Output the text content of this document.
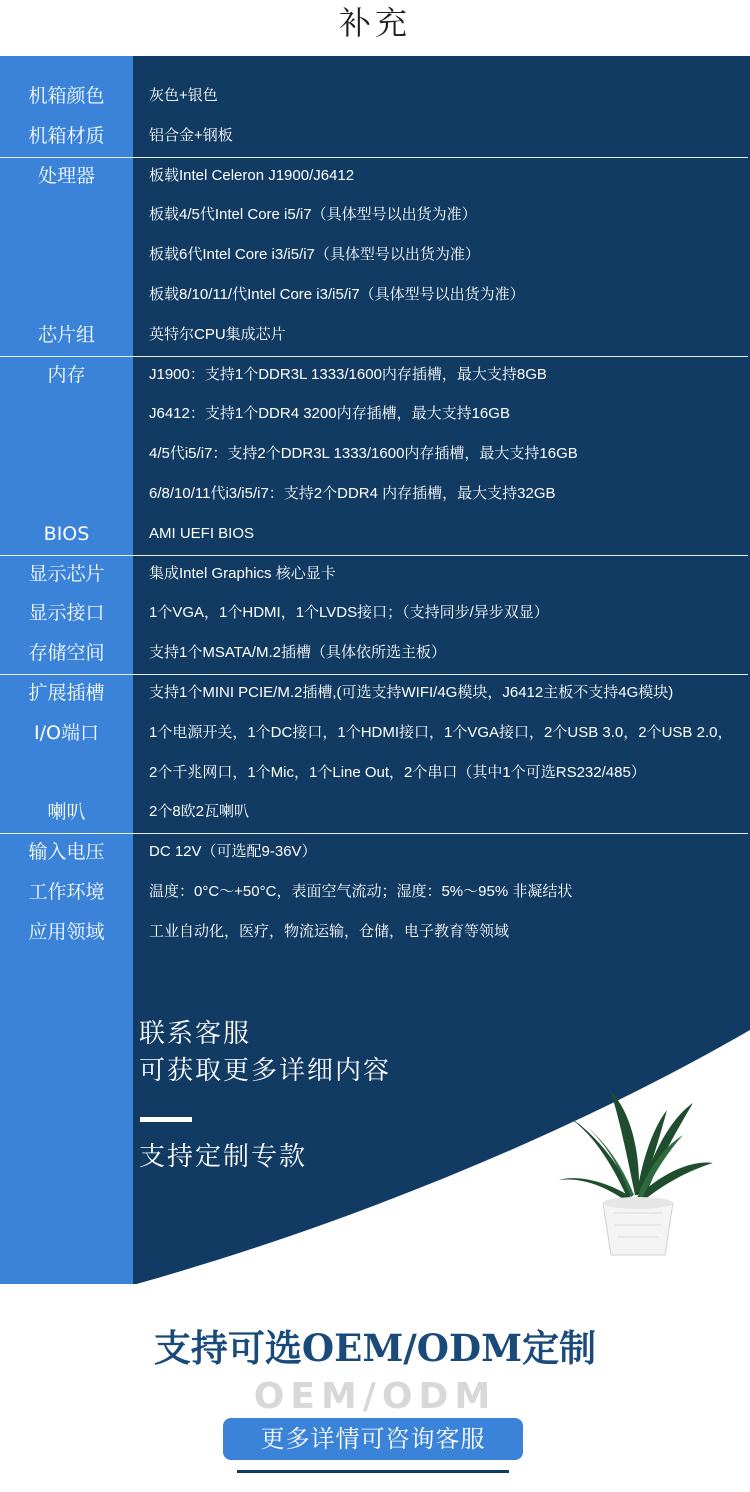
补充
机箱颜色	灰色+银色
机箱材质	铝合金+钢板
处理器	板载Intel Celeron J1900/J6412
板载4/5代Intel Core i5/i7（具体型号以出货为准）
板载6代Intel Core i3/i5/i7（具体型号以出货为准）
板载8/10/11/代Intel Core i3/i5/i7（具体型号以出货为准）
芯片组	英特尔CPU集成芯片
内存	J1900：支持1个DDR3L 1333/1600内存插槽，最大支持8GB
J6412：支持1个DDR4 3200内存插槽，最大支持16GB
4/5代i5/i7：支持2个DDR3L 1333/1600内存插槽，最大支持16GB
6/8/10/11代i3/i5/i7：支持2个DDR4 内存插槽，最大支持32GB
BIOS	AMI UEFI BIOS
显示芯片	集成Intel Graphics 核心显卡
显示接口	1个VGA，1个HDMI，1个LVDS接口；（支持同步/异步双显）
存储空间	支持1个MSATA/M.2插槽（具体依所选主板）
扩展插槽	支持1个MINI PCIE/M.2插槽,(可选支持WIFI/4G模块，J6412主板不支持4G模块)
I/O端口	1个电源开关，1个DC接口，1个HDMI接口，1个VGA接口，2个USB 3.0，2个USB 2.0，
2个千兆网口，1个Mic，1个Line Out，2个串口（其中1个可选RS232/485）
喇叭	2个8欧2瓦喇叭
输入电压	DC 12V（可选配9-36V）
工作环境	温度：0°C～+50°C，表面空气流动；湿度：5%～95% 非凝结状
应用领域	工业自动化，医疗，物流运输，仓储，电子教育等领域
联系客服
可获取更多详细内容
支持定制专款
支持可选OEM/ODM定制
OEM/ODM
更多详情可咨询客服
